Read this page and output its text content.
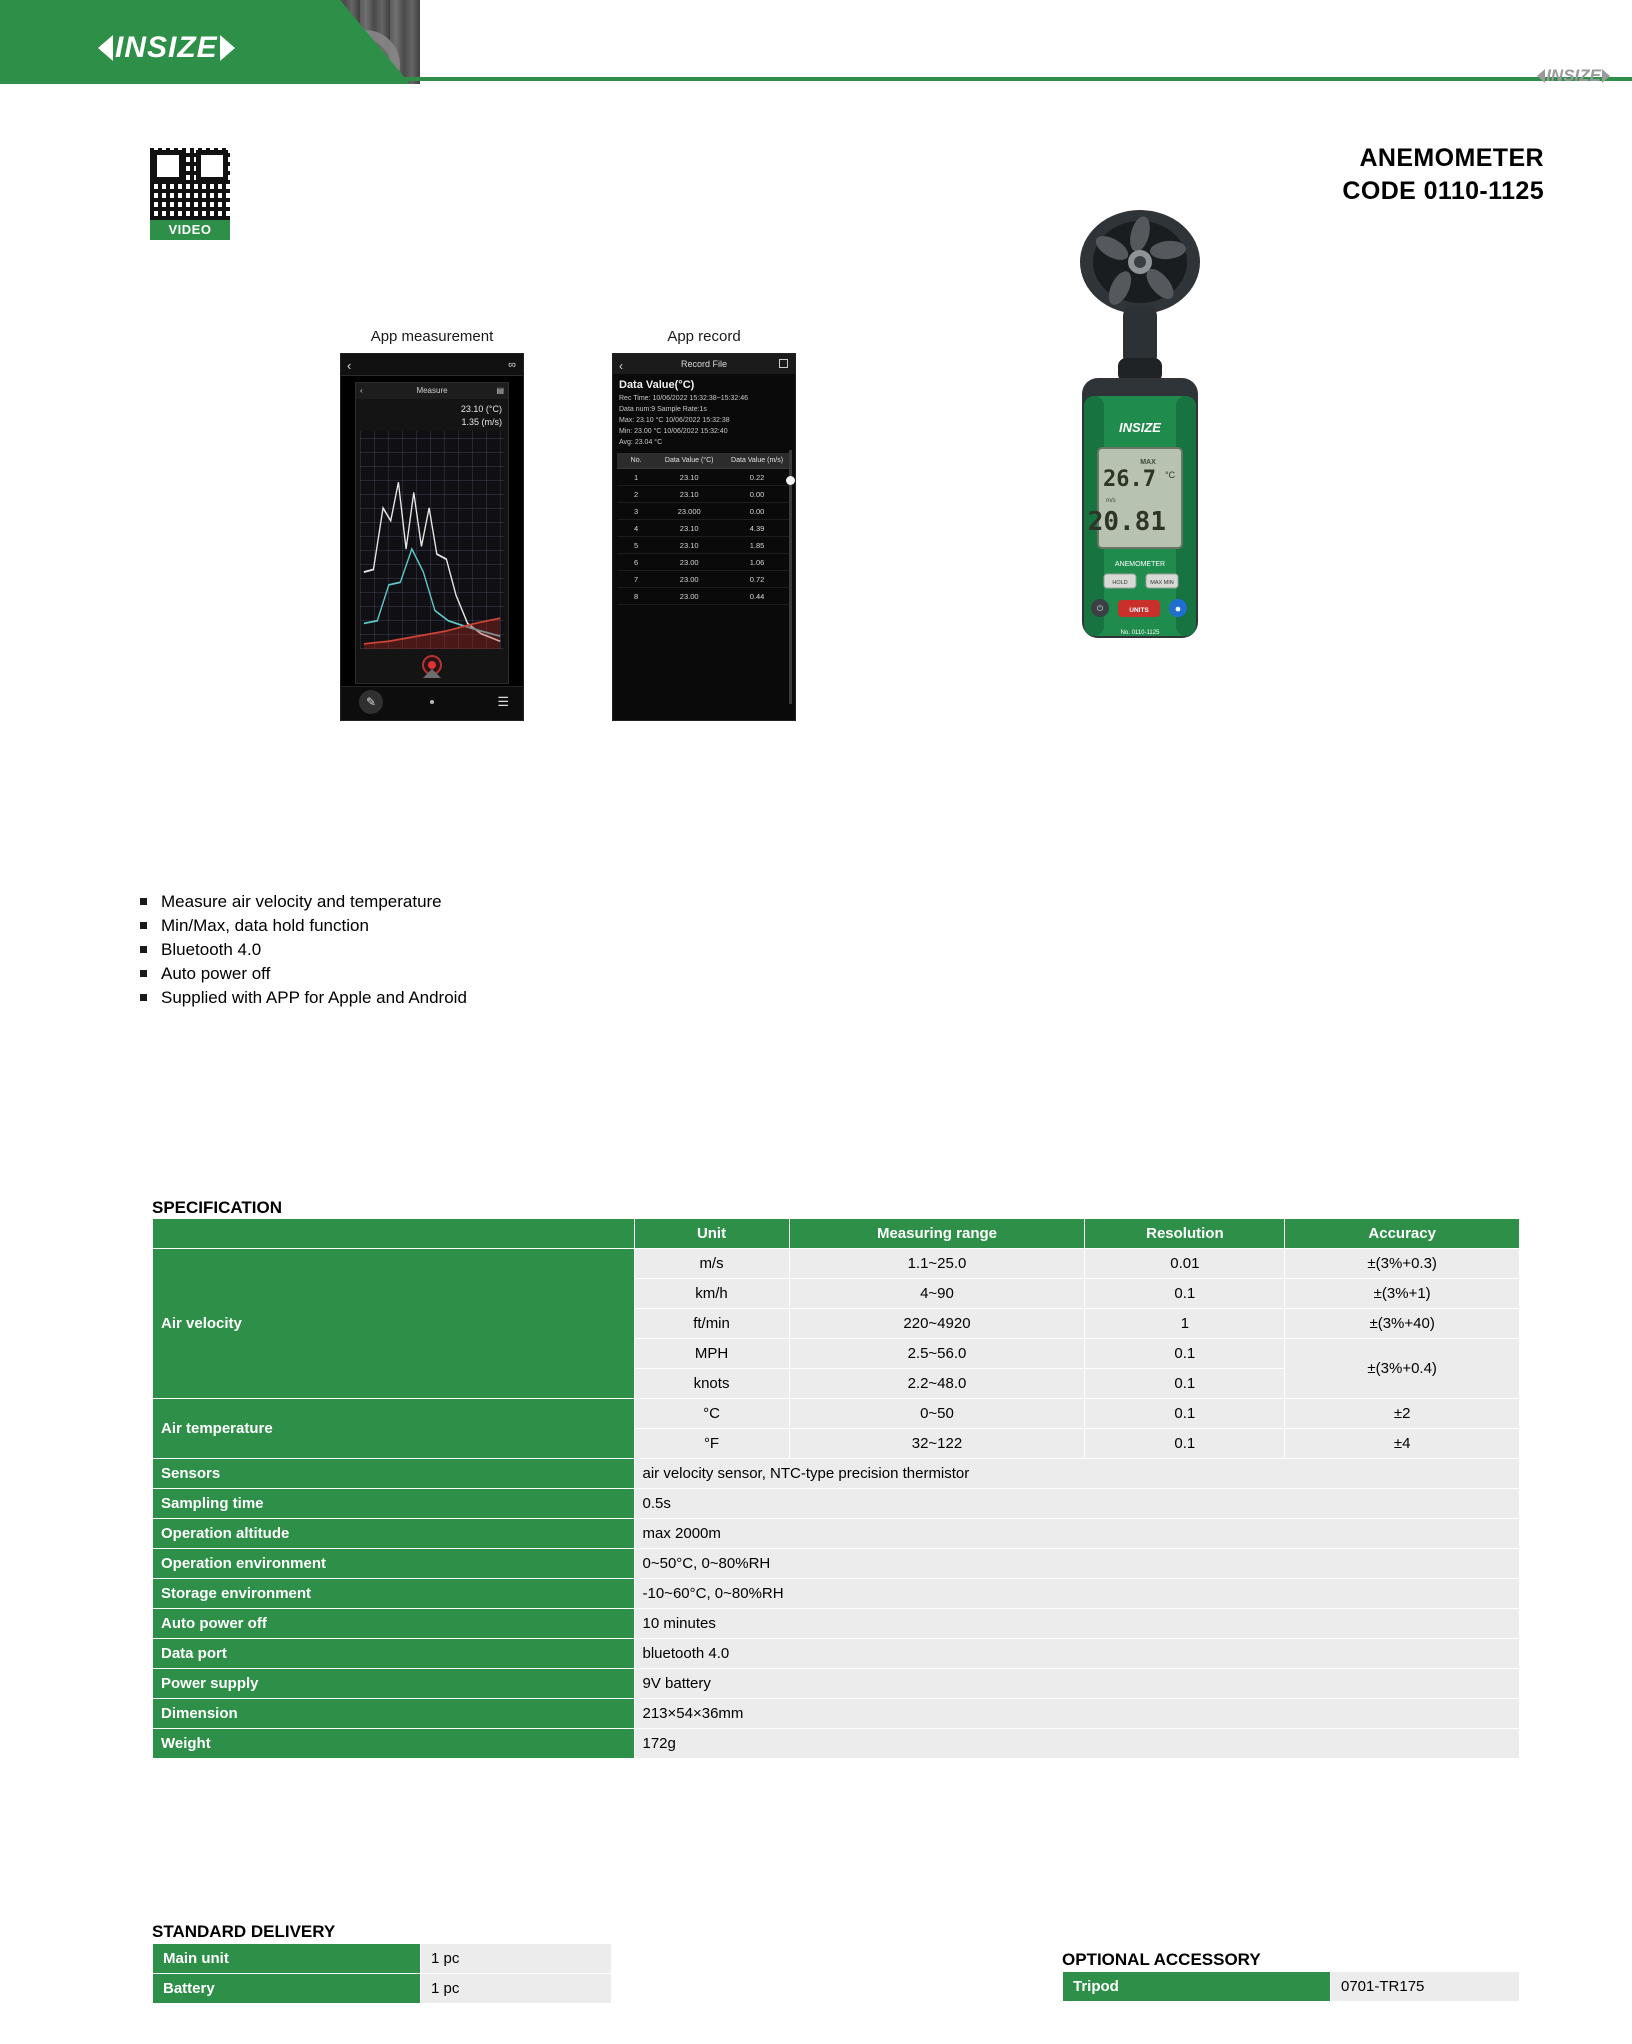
INSIZE
INSIZE
ANEMOMETER
CODE 0110-1125
VIDEO
App measurement
‹	∞
‹	Measure	▤
23.10 (°C)
1.35 (m/s)
✎	☰
App record
‹	Record File
Data Value(°C)
Rec Time: 10/06/2022 15:32:38~15:32:46
Data num:9 Sample Rate:1s
Max: 23.10 °C 10/06/2022 15:32:38
Min: 23.00 °C 10/06/2022 15:32:40
Avg: 23.04 °C
No.	Data Value (°C)	Data Value (m/s)
1	23.10	0.22
2	23.10	0.00
3	23.000	0.00
4	23.10	4.39
5	23.10	1.85
6	23.00	1.06
7	23.00	0.72
8	23.00	0.44
INSIZE
MAX
26.7 °C
m/s
20.81
ANEMOMETER
HOLD	MAX MIN
⏻	UNITS	✸
No. 0110-1125
Measure air velocity and temperature
Min/Max, data hold function
Bluetooth 4.0
Auto power off
Supplied with APP for Apple and Android
SPECIFICATION
	Unit	Measuring range	Resolution	Accuracy
Air velocity	m/s	1.1~25.0	0.01	±(3%+0.3)
	km/h	4~90	0.1	±(3%+1)
	ft/min	220~4920	1	±(3%+40)
	MPH	2.5~56.0	0.1	±(3%+0.4)
	knots	2.2~48.0	0.1	
Air temperature	°C	0~50	0.1	±2
	°F	32~122	0.1	±4
Sensors	air velocity sensor, NTC-type precision thermistor			
Sampling time	0.5s			
Operation altitude	max 2000m			
Operation environment	0~50°C, 0~80%RH			
Storage environment	-10~60°C, 0~80%RH			
Auto power off	10 minutes			
Data port	bluetooth 4.0			
Power supply	9V battery			
Dimension	213×54×36mm			
Weight	172g			
STANDARD DELIVERY
Main unit	1 pc
Battery	1 pc
OPTIONAL ACCESSORY
Tripod	0701-TR175
